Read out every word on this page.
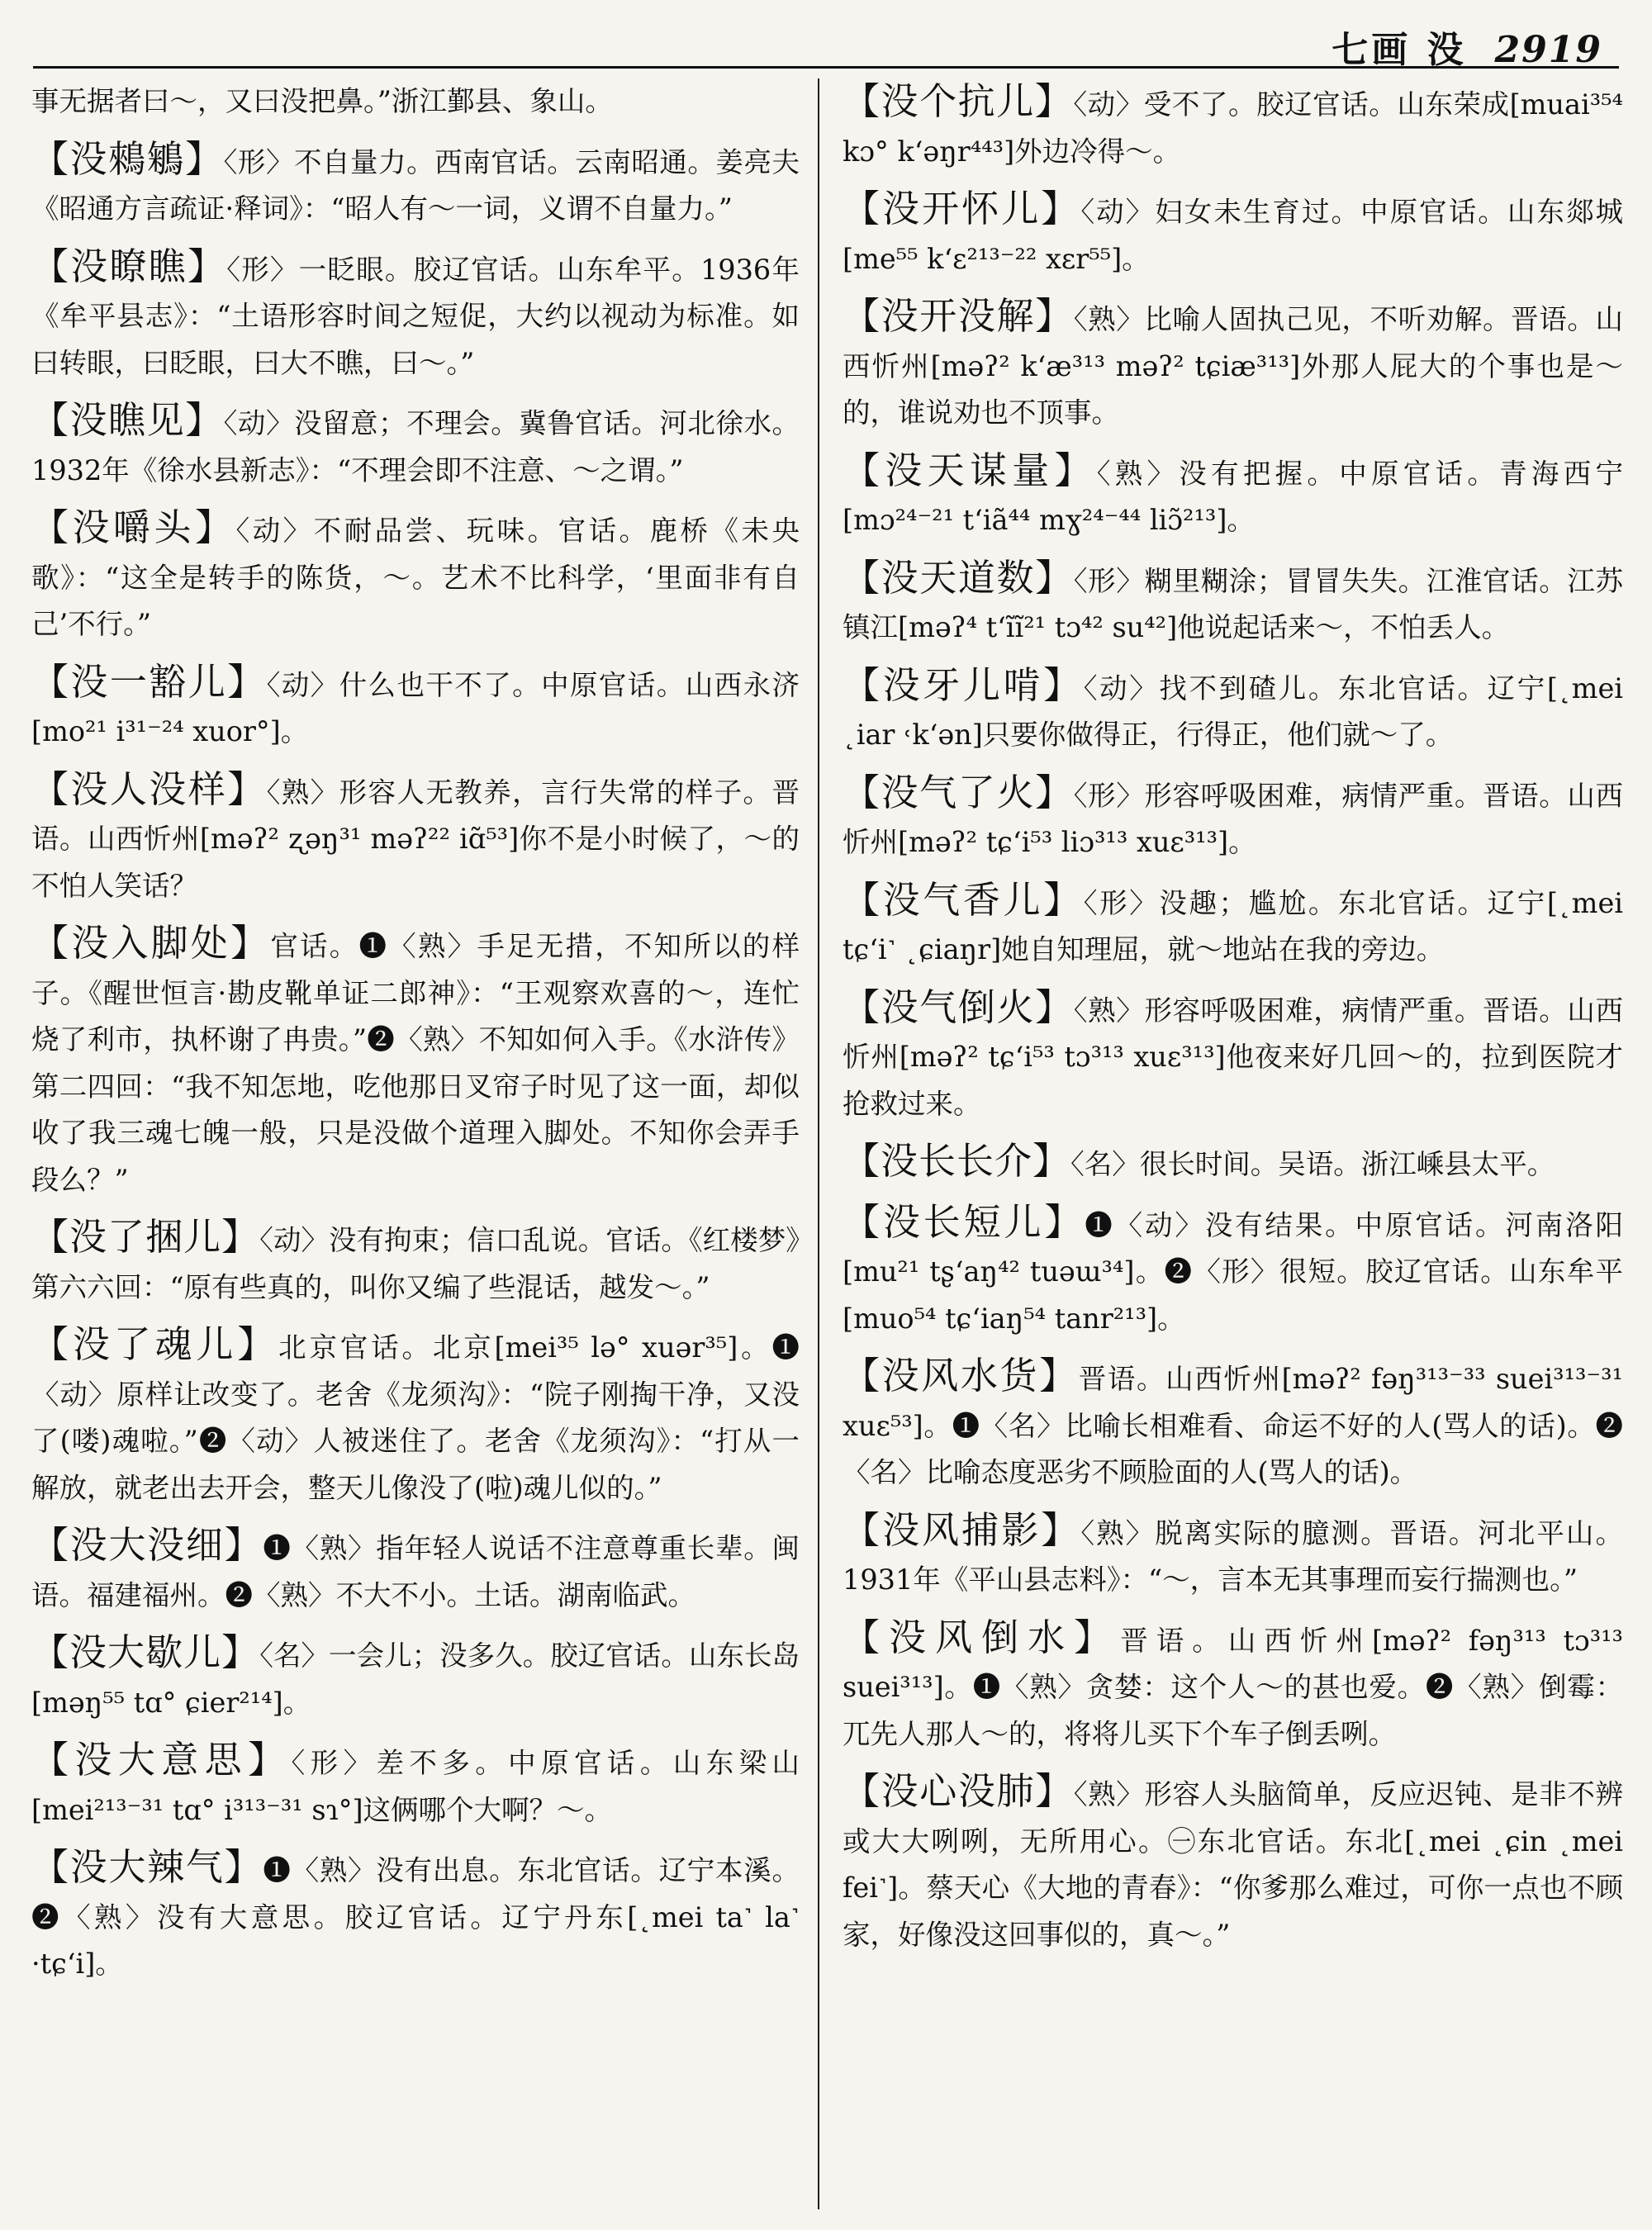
七画 没 2919
事无据者曰～，又曰没把鼻。”浙江鄞县、象山。
【没鶆鵴】〈形〉不自量力。西南官话。云南昭通。姜亮夫《昭通方言疏证·释词》：“昭人有～一词，义谓不自量力。”
【没瞭瞧】〈形〉一眨眼。胶辽官话。山东牟平。1936年《牟平县志》：“土语形容时间之短促，大约以视动为标准。如曰转眼，曰眨眼，曰大不瞧，曰～。”
【没瞧见】〈动〉没留意；不理会。冀鲁官话。河北徐水。1932年《徐水县新志》：“不理会即不注意、～之谓。”
【没嚼头】〈动〉不耐品尝、玩味。官话。鹿桥《未央歌》：“这全是转手的陈货，～。艺术不比科学，‘里面非有自己’不行。”
【没一豁儿】〈动〉什么也干不了。中原官话。山西永济[mo²¹ i³¹⁻²⁴ xuor°]。
【没人没样】〈熟〉形容人无教养，言行失常的样子。晋语。山西忻州[məʔ² ʐəŋ³¹ məʔ²² iɑ̃⁵³]你不是小时候了，～的不怕人笑话？
【没入脚处】官话。❶〈熟〉手足无措，不知所以的样子。《醒世恒言·勘皮靴单证二郎神》：“王观察欢喜的～，连忙烧了利市，执杯谢了冉贵。”❷〈熟〉不知如何入手。《水浒传》第二四回：“我不知怎地，吃他那日叉帘子时见了这一面，却似收了我三魂七魄一般，只是没做个道理入脚处。不知你会弄手段么？”
【没了捆儿】〈动〉没有拘束；信口乱说。官话。《红楼梦》第六六回：“原有些真的，叫你又编了些混话，越发～。”
【没了魂儿】北京官话。北京[mei³⁵ lə° xuər³⁵]。❶〈动〉原样让改变了。老舍《龙须沟》：“院子刚掏干净，又没了(喽)魂啦。”❷〈动〉人被迷住了。老舍《龙须沟》：“打从一解放，就老出去开会，整天儿像没了(啦)魂儿似的。”
【没大没细】❶〈熟〉指年轻人说话不注意尊重长辈。闽语。福建福州。❷〈熟〉不大不小。土话。湖南临武。
【没大歇儿】〈名〉一会儿；没多久。胶辽官话。山东长岛[məŋ⁵⁵ tɑ° ɕier²¹⁴]。
【没大意思】〈形〉差不多。中原官话。山东梁山[mei²¹³⁻³¹ tɑ° i³¹³⁻³¹ sɿ°]这俩哪个大啊？～。
【没大辣气】❶〈熟〉没有出息。东北官话。辽宁本溪。❷〈熟〉没有大意思。胶辽官话。辽宁丹东[˛mei ta˺ la˺ ·tɕʻi]。
【没个抗儿】〈动〉受不了。胶辽官话。山东荣成[muai³⁵⁴ kɔ° kʻəŋr⁴⁴³]外边冷得～。
【没开怀儿】〈动〉妇女未生育过。中原官话。山东郯城[me⁵⁵ kʻɛ²¹³⁻²² xɛr⁵⁵]。
【没开没解】〈熟〉比喻人固执己见，不听劝解。晋语。山西忻州[məʔ² kʻæ³¹³ məʔ² tɕiæ³¹³]外那人屁大的个事也是～的，谁说劝也不顶事。
【没天谋量】〈熟〉没有把握。中原官话。青海西宁[mɔ²⁴⁻²¹ tʻiã⁴⁴ mɣ²⁴⁻⁴⁴ liɔ̃²¹³]。
【没天道数】〈形〉糊里糊涂；冒冒失失。江淮官话。江苏镇江[məʔ⁴ tʻĩĩ²¹ tɔ⁴² su⁴²]他说起话来～，不怕丢人。
【没牙儿啃】〈动〉找不到碴儿。东北官话。辽宁[˛mei ˛iar ˓kʻən]只要你做得正，行得正，他们就～了。
【没气了火】〈形〉形容呼吸困难，病情严重。晋语。山西忻州[məʔ² tɕʻi⁵³ liɔ³¹³ xuɛ³¹³]。
【没气香儿】〈形〉没趣；尴尬。东北官话。辽宁[˛mei tɕʻi˺ ˛ɕiaŋr]她自知理屈，就～地站在我的旁边。
【没气倒火】〈熟〉形容呼吸困难，病情严重。晋语。山西忻州[məʔ² tɕʻi⁵³ tɔ³¹³ xuɛ³¹³]他夜来好几回～的，拉到医院才抢救过来。
【没长长介】〈名〉很长时间。吴语。浙江嵊县太平。
【没长短儿】❶〈动〉没有结果。中原官话。河南洛阳[mu²¹ tʂʻaŋ⁴² tuəɯ³⁴]。❷〈形〉很短。胶辽官话。山东牟平[muo⁵⁴ tɕʻiaŋ⁵⁴ tanr²¹³]。
【没风水货】晋语。山西忻州[məʔ² fəŋ³¹³⁻³³ suei³¹³⁻³¹ xuɛ⁵³]。❶〈名〉比喻长相难看、命运不好的人(骂人的话)。❷〈名〉比喻态度恶劣不顾脸面的人(骂人的话)。
【没风捕影】〈熟〉脱离实际的臆测。晋语。河北平山。1931年《平山县志料》：“～，言本无其事理而妄行揣测也。”
【没风倒水】晋语。山西忻州[məʔ² fəŋ³¹³ tɔ³¹³ suei³¹³]。❶〈熟〉贪婪：这个人～的甚也爱。❷〈熟〉倒霉：兀先人那人～的，将将儿买下个车子倒丢咧。
【没心没肺】〈熟〉形容人头脑简单，反应迟钝、是非不辨或大大咧咧，无所用心。㊀东北官话。东北[˛mei ˛ɕin ˛mei fei˺]。蔡天心《大地的青春》：“你爹那么难过，可你一点也不顾家，好像没这回事似的，真～。”
